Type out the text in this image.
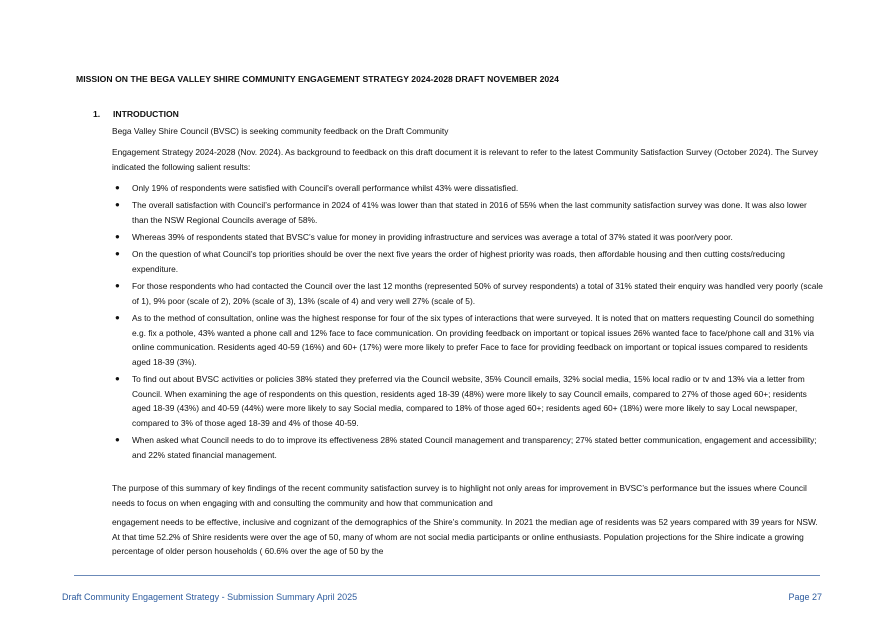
MISSION ON THE BEGA VALLEY SHIRE COMMUNITY ENGAGEMENT STRATEGY 2024-2028 DRAFT NOVEMBER 2024
1. INTRODUCTION
Bega Valley Shire Council (BVSC) is seeking community feedback on the Draft Community
Engagement Strategy 2024-2028 (Nov. 2024). As background to feedback on this draft document it is relevant to refer to the latest Community Satisfaction Survey (October 2024). The Survey indicated the following salient results:
● Only 19% of respondents were satisfied with Council’s overall performance whilst 43% were dissatisfied.
● The overall satisfaction with Council’s performance in 2024 of 41% was lower than that stated in 2016 of 55% when the last community satisfaction survey was done. It was also lower than the NSW Regional Councils average of 58%.
● Whereas 39% of respondents stated that BVSC’s value for money in providing infrastructure and services was average a total of 37% stated it was poor/very poor.
● On the question of what Council’s top priorities should be over the next five years the order of highest priority was roads, then affordable housing and then cutting costs/reducing expenditure.
● For those respondents who had contacted the Council over the last 12 months (represented 50% of survey respondents) a total of 31% stated their enquiry was handled very poorly (scale of 1), 9% poor (scale of 2), 20% (scale of 3), 13% (scale of 4) and very well 27% (scale of 5).
● As to the method of consultation, online was the highest response for four of the six types of interactions that were surveyed. It is noted that on matters requesting Council do something e.g. fix a pothole, 43% wanted a phone call and 12% face to face communication. On providing feedback on important or topical issues 26% wanted face to face/phone call and 31% via online communication. Residents aged 40-59 (16%) and 60+ (17%) were more likely to prefer Face to face for providing feedback on important or topical issues compared to residents aged 18-39 (3%).
● To find out about BVSC activities or policies 38% stated they preferred via the Council website, 35% Council emails, 32% social media, 15% local radio or tv and 13% via a letter from Council. When examining the age of respondents on this question, residents aged 18-39 (48%) were more likely to say Council emails, compared to 27% of those aged 60+; residents aged 18-39 (43%) and 40-59 (44%) were more likely to say Social media, compared to 18% of those aged 60+; residents aged 60+ (18%) were more likely to say Local newspaper, compared to 3% of those aged 18-39 and 4% of those 40-59.
● When asked what Council needs to do to improve its effectiveness 28% stated Council management and transparency; 27% stated better communication, engagement and accessibility; and 22% stated financial management.
The purpose of this summary of key findings of the recent community satisfaction survey is to highlight not only areas for improvement in BVSC’s performance but the issues where Council needs to focus on when engaging with and consulting the community and how that communication and
engagement needs to be effective, inclusive and cognizant of the demographics of the Shire’s community. In 2021 the median age of residents was 52 years compared with 39 years for NSW. At that time 52.2% of Shire residents were over the age of 50, many of whom are not social media participants or online enthusiasts. Population projections for the Shire indicate a growing percentage of older person households ( 60.6% over the age of 50 by the
Draft Community Engagement Strategy - Submission Summary April 2025	Page 27
